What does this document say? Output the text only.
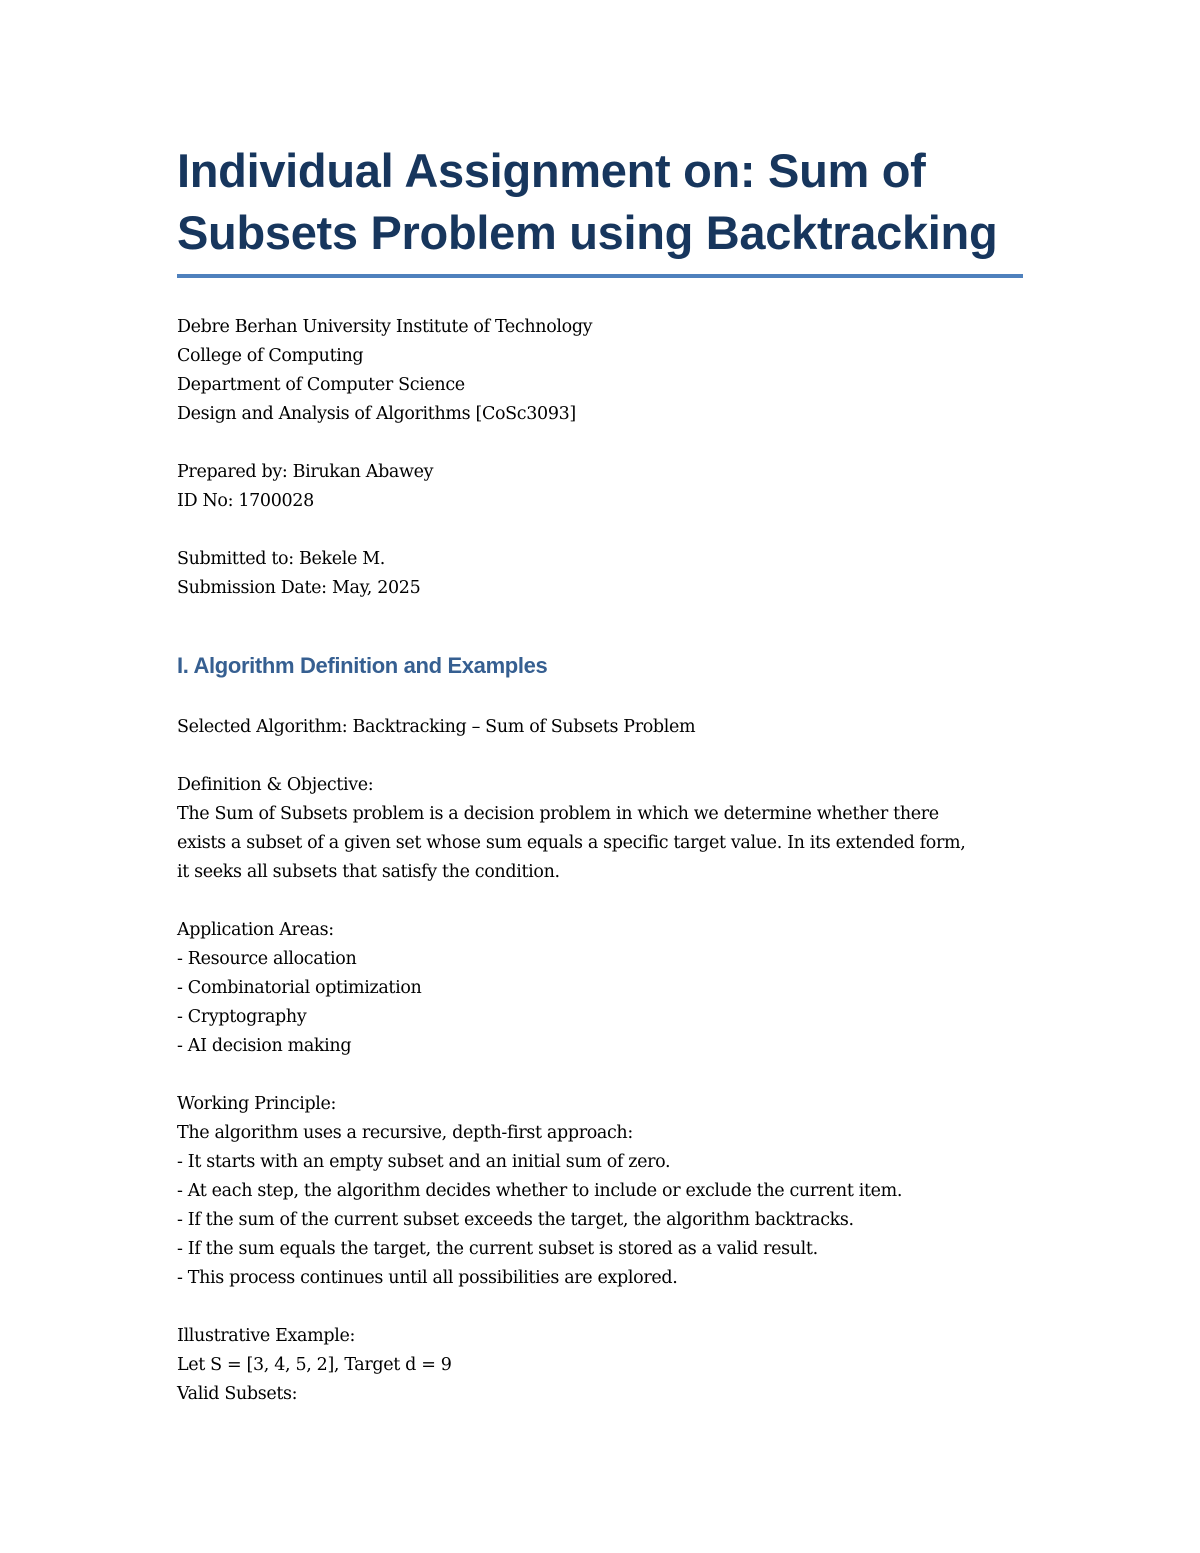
Individual Assignment on: Sum of
Subsets Problem using Backtracking
Debre Berhan University Institute of Technology
College of Computing
Department of Computer Science
Design and Analysis of Algorithms [CoSc3093]
Prepared by: Birukan Abawey
ID No: 1700028
Submitted to: Bekele M.
Submission Date: May, 2025
I. Algorithm Definition and Examples
Selected Algorithm: Backtracking – Sum of Subsets Problem
Definition & Objective:
The Sum of Subsets problem is a decision problem in which we determine whether there
exists a subset of a given set whose sum equals a specific target value. In its extended form,
it seeks all subsets that satisfy the condition.
Application Areas:
- Resource allocation
- Combinatorial optimization
- Cryptography
- AI decision making
Working Principle:
The algorithm uses a recursive, depth-first approach:
- It starts with an empty subset and an initial sum of zero.
- At each step, the algorithm decides whether to include or exclude the current item.
- If the sum of the current subset exceeds the target, the algorithm backtracks.
- If the sum equals the target, the current subset is stored as a valid result.
- This process continues until all possibilities are explored.
Illustrative Example:
Let S = [3, 4, 5, 2], Target d = 9
Valid Subsets:
